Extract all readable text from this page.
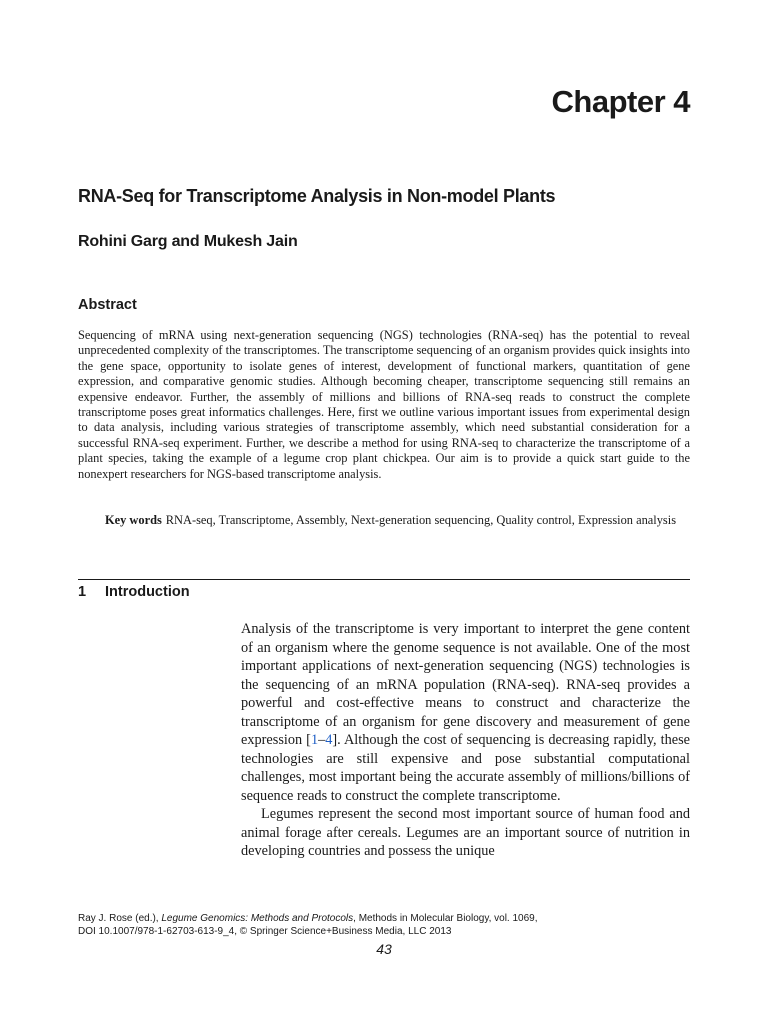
Chapter 4
RNA-Seq for Transcriptome Analysis in Non-model Plants
Rohini Garg and Mukesh Jain
Abstract

Sequencing of mRNA using next-generation sequencing (NGS) technologies (RNA-seq) has the potential to reveal unprecedented complexity of the transcriptomes. The transcriptome sequencing of an organism provides quick insights into the gene space, opportunity to isolate genes of interest, development of functional markers, quantitation of gene expression, and comparative genomic studies. Although becoming cheaper, transcriptome sequencing still remains an expensive endeavor. Further, the assembly of millions and billions of RNA-seq reads to construct the complete transcriptome poses great informatics challenges. Here, first we outline various important issues from experimental design to data analysis, including various strategies of transcriptome assembly, which need substantial consideration for a successful RNA-seq experiment. Further, we describe a method for using RNA-seq to characterize the transcriptome of a plant species, taking the example of a legume crop plant chickpea. Our aim is to provide a quick start guide to the nonexpert researchers for NGS-based transcriptome analysis.

Key words RNA-seq, Transcriptome, Assembly, Next-generation sequencing, Quality control, Expression analysis

1 Introduction

Analysis of the transcriptome is very important to interpret the gene content of an organism where the genome sequence is not available. One of the most important applications of next-generation sequencing (NGS) technologies is the sequencing of an mRNA population (RNA-seq). RNA-seq provides a powerful and cost-effective means to construct and characterize the transcriptome of an organism for gene discovery and measurement of gene expression [1–4]. Although the cost of sequencing is decreasing rapidly, these technologies are still expensive and pose substantial computational challenges, most important being the accurate assembly of millions/billions of sequence reads to construct the complete transcriptome.

Legumes represent the second most important source of human food and animal forage after cereals. Legumes are an important source of nutrition in developing countries and possess the unique

Ray J. Rose (ed.), Legume Genomics: Methods and Protocols, Methods in Molecular Biology, vol. 1069,
DOI 10.1007/978-1-62703-613-9_4, © Springer Science+Business Media, LLC 2013

43
